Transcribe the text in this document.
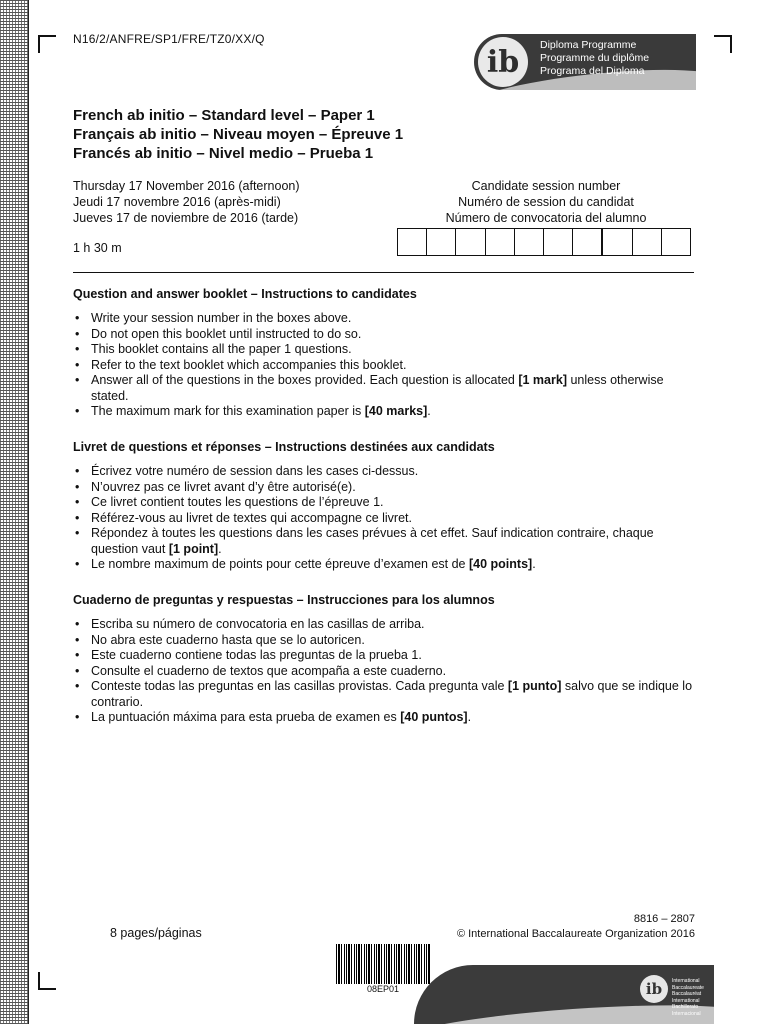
N16/2/ANFRE/SP1/FRE/TZ0/XX/Q
ib	Diploma Programme
Programme du diplôme
Programa del Diploma
French ab initio – Standard level – Paper 1
Français ab initio – Niveau moyen – Épreuve 1
Francés ab initio – Nivel medio – Prueba 1
Thursday 17 November 2016 (afternoon)
Jeudi 17 novembre 2016 (après-midi)
Jueves 17 de noviembre de 2016 (tarde)
1 h 30 m
Candidate session number
Numéro de session du candidat
Número de convocatoria del alumno
Question and answer booklet – Instructions to candidates
• Write your session number in the boxes above.
• Do not open this booklet until instructed to do so.
• This booklet contains all the paper 1 questions.
• Refer to the text booklet which accompanies this booklet.
• Answer all of the questions in the boxes provided. Each question is allocated [1 mark] unless otherwise stated.
• The maximum mark for this examination paper is [40 marks].
Livret de questions et réponses – Instructions destinées aux candidats
• Écrivez votre numéro de session dans les cases ci-dessus.
• N’ouvrez pas ce livret avant d’y être autorisé(e).
• Ce livret contient toutes les questions de l’épreuve 1.
• Référez-vous au livret de textes qui accompagne ce livret.
• Répondez à toutes les questions dans les cases prévues à cet effet. Sauf indication contraire, chaque question vaut [1 point].
• Le nombre maximum de points pour cette épreuve d’examen est de [40 points].
Cuaderno de preguntas y respuestas – Instrucciones para los alumnos
• Escriba su número de convocatoria en las casillas de arriba.
• No abra este cuaderno hasta que se lo autoricen.
• Este cuaderno contiene todas las preguntas de la prueba 1.
• Consulte el cuaderno de textos que acompaña a este cuaderno.
• Conteste todas las preguntas en las casillas provistas. Cada pregunta vale [1 punto] salvo que se indique lo contrario.
• La puntuación máxima para esta prueba de examen es [40 puntos].
8 pages/páginas
8816 – 2807
© International Baccalaureate Organization 2016
08EP01	ib	International Baccalaureate
Baccalauréat International
Bachillerato Internacional
